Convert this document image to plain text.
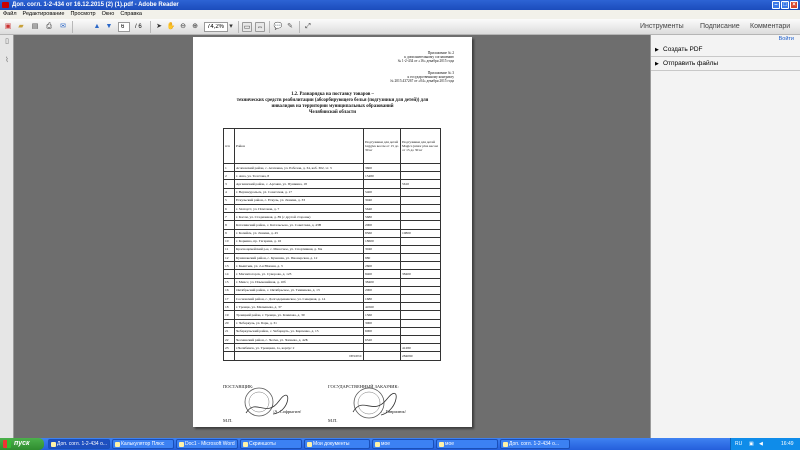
Доп. согл. 1-2-434 от 16.12.2015 (2) (1).pdf - Adobe Reader	– □ ×
Файл Редактирование Просмотр Окно Справка
▣ ▰	▤	⎙	✉	▲ ▼
6	/ 6 ➤ ✋ ⊖ ⊕
74,2%	▾ ▭ ⇔ 💬 ✎	⤢	Инструменты Подписание Комментари
▯
⌇
Приложение № 2
к дополнительному соглашению
№ 1-2-434 от «16» декабря 2015 года
Приложение № 3
к государственному контракту
№ 2015.437267 от «04» декабря 2015 года
1.2. Разнарядка на поставку товаров –
технических средств реабилитации (абсорбирующего белья (подгузники для детей)) для
инвалидов на территории муниципальных образований
Челябинской области
п/п	Район	Подгузники для детей Giggles весом от 15 до 30 кг	Подгузники для детей Magics junior plus весом от 15 до 30 кг
1	Агаповский район, с. Агаповка, ул. Рабочая, д. 34, каб. 302, эт. 3	3600	
2	г. Аша, ул. Толстова, 8	15480	
3	Аргаяшский район, с. Аргаяш, ул. Пушкина, 18		5610
4	г. Верхнеуральск, ул. Советская, д. 17	5400	
5	Еткульский район, с. Еткуль, ул. Ленина, д. 33	3040	
6	г. Златоуст, ул. Почтовая, д. 7	5640	
7	г. Касли, ул. Стадионная, д. 89 (с другой стороны)	5680	
8	Каталинский район, с. Катальсьою, ул. Советская, д. 43В	2000	
9	г. Копейск, ул. Ленина, д. 45	8560	10800
10	г. Коркино, пр. Гагарина, д. 16	18600	
11	Красноармейский р-н, с. Миасское, ул. Спортивная, д. 8А	3040	
12	Кунашакский район, с. Кунашак, ул. Пионерская, д. 12	880	
13	г. Кыштым, ул. 2-я Южная, д. 3	2600	
14	г. Магнитогорск, ул. Суворова, д. 123	8400	38400
15	г. Миасс, ул. Ильменейная, д. 10б	38400	
16	Октябрьский район, с. Октябрьское, ул. Тимашева, д. 13	2000	
17	Сосновский район, с. Долгодеревенское, ул. Северная, д. 14	1680	
18	г. Троицк, ул. Малышева, д. 37	44560	
19	Троицкий район, г. Троицк, ул. Климова, д. 30	1560	
20	г. Чебаркуль, ул. Барк, д. 31	3000	
21	Чебаркульский район, с. Чебаркуль, ул. Карпенко, д. 15	6000	
22	Чесменский район, с. Чесма, ул. Чапаева, д. 42Б	6520	
23	г.Челябинск, ул. Троицкая, 1а, корпус 2		41280
	ИТОГО:		284090
ПОСТАВЩИК:
/А. Софрыгин/
М.П.
ГОСУДАРСТВЕННЫЙ ЗАКАЗЧИК:
/ . Гаврилюк/
М.П.
Войти
▶ Создать PDF
▶ Отправить файлы
пуск	Доп. согл. 1-2-434 о...	Калькулятор Плюс	Doc1 - Microsoft Word	Скриншоты	Мои документы	мое	мое	Доп. согл. 1-2-434 о...	RU ▣ ◀	16:49
